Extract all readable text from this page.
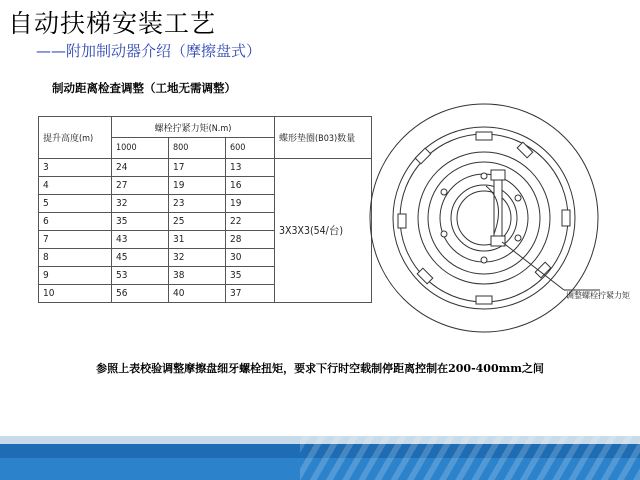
自动扶梯安装工艺
——附加制动器介绍（摩擦盘式）
制动距离检查调整（工地无需调整）
提升高度(m)	螺栓拧紧力矩(N.m)			蝶形垫圈(B03)数量
	1000	800	600	
3	24	17	13	3X3X3(54/台)
4	27	19	16	
5	32	23	19	
6	35	25	22	
7	43	31	28	
8	45	32	30	
9	53	38	35	
10	56	40	37		调整螺栓拧紧力矩
参照上表校验调整摩擦盘细牙螺栓扭矩，要求下行时空载制停距离控制在200-400mm之间
